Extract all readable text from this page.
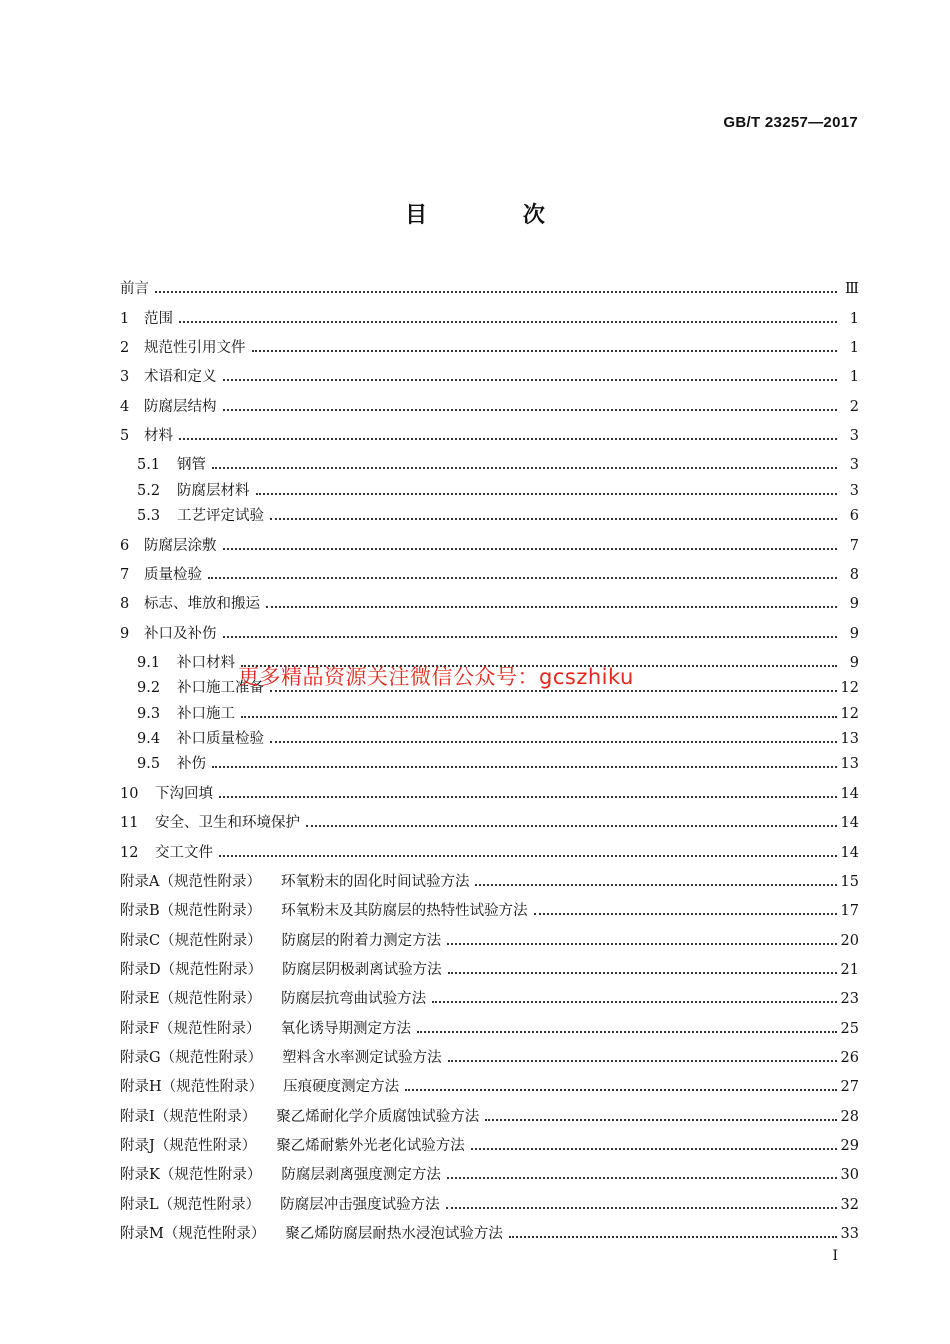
GB/T 23257—2017
目 次
前言	Ⅲ
1	范围	1
2	规范性引用文件	1
3	术语和定义	1
4	防腐层结构	2
5	材料	3
5.1	钢管	3
5.2	防腐层材料	3
5.3	工艺评定试验	6
6	防腐层涂敷	7
7	质量检验	8
8	标志、堆放和搬运	9
9	补口及补伤	9
9.1	补口材料	9
9.2	补口施工准备	12
9.3	补口施工	12
9.4	补口质量检验	13
9.5	补伤	13
10	下沟回填	14
11	安全、卫生和环境保护	14
12	交工文件	14
附录A（规范性附录）	环氧粉末的固化时间试验方法	15
附录B（规范性附录）	环氧粉末及其防腐层的热特性试验方法	17
附录C（规范性附录）	防腐层的附着力测定方法	20
附录D（规范性附录）	防腐层阴极剥离试验方法	21
附录E（规范性附录）	防腐层抗弯曲试验方法	23
附录F（规范性附录）	氧化诱导期测定方法	25
附录G（规范性附录）	塑料含水率测定试验方法	26
附录H（规范性附录）	压痕硬度测定方法	27
附录I（规范性附录）	聚乙烯耐化学介质腐蚀试验方法	28
附录J（规范性附录）	聚乙烯耐紫外光老化试验方法	29
附录K（规范性附录）	防腐层剥离强度测定方法	30
附录L（规范性附录）	防腐层冲击强度试验方法	32
附录M（规范性附录）	聚乙烯防腐层耐热水浸泡试验方法	33
更多精品资源关注微信公众号：gcszhiku
Ⅰ
